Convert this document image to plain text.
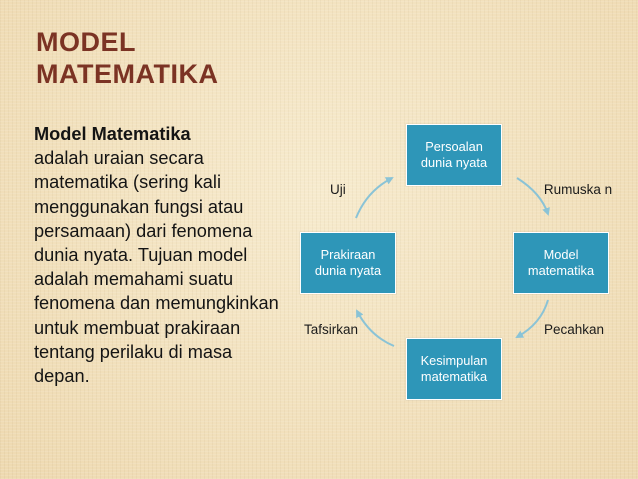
MODEL
MATEMATIKA
Model Matematika
adalah uraian secara matematika (sering kali menggunakan fungsi atau persamaan) dari fenomena dunia nyata. Tujuan model adalah memahami suatu fenomena dan memungkinkan untuk membuat prakiraan tentang perilaku di masa depan.
Persoalan dunia nyata
Model matematika
Kesimpulan matematika
Prakiraan dunia nyata
Rumuska n
Pecahkan
Tafsirkan
Uji
